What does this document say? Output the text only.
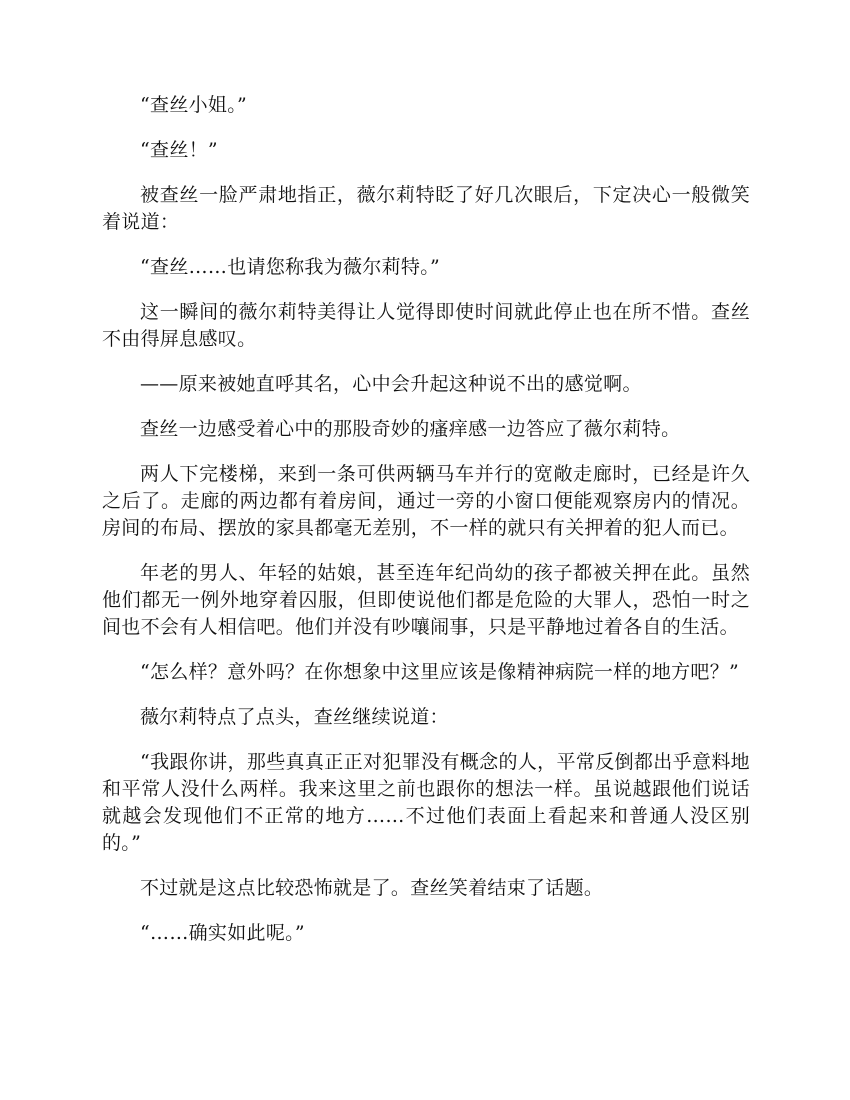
“查丝小姐。”

“查丝！”

被查丝一脸严肃地指正，薇尔莉特眨了好几次眼后，下定决心一般微笑着说道：

“查丝……也请您称我为薇尔莉特。”

这一瞬间的薇尔莉特美得让人觉得即使时间就此停止也在所不惜。查丝不由得屏息感叹。

——原来被她直呼其名，心中会升起这种说不出的感觉啊。

查丝一边感受着心中的那股奇妙的瘙痒感一边答应了薇尔莉特。

两人下完楼梯，来到一条可供两辆马车并行的宽敞走廊时，已经是许久之后了。走廊的两边都有着房间，通过一旁的小窗口便能观察房内的情况。房间的布局、摆放的家具都毫无差别，不一样的就只有关押着的犯人而已。

年老的男人、年轻的姑娘，甚至连年纪尚幼的孩子都被关押在此。虽然他们都无一例外地穿着囚服，但即使说他们都是危险的大罪人，恐怕一时之间也不会有人相信吧。他们并没有吵嚷闹事，只是平静地过着各自的生活。

“怎么样？意外吗？在你想象中这里应该是像精神病院一样的地方吧？”

薇尔莉特点了点头，查丝继续说道：

“我跟你讲，那些真真正正对犯罪没有概念的人，平常反倒都出乎意料地和平常人没什么两样。我来这里之前也跟你的想法一样。虽说越跟他们说话就越会发现他们不正常的地方……不过他们表面上看起来和普通人没区别的。”

不过就是这点比较恐怖就是了。查丝笑着结束了话题。

“……确实如此呢。”
